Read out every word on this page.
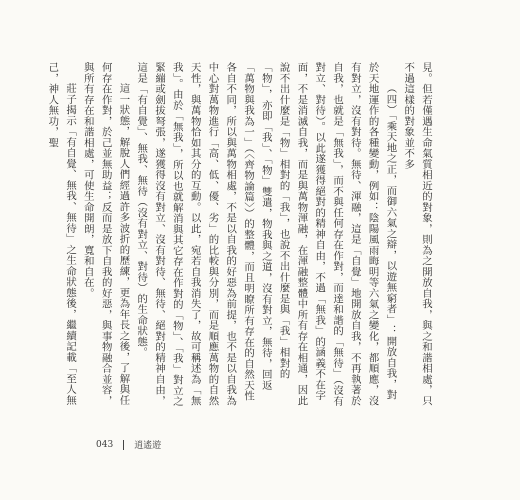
見。但若僅遇生命氣質相近的對象，則為之開放自我，與之和諧相處，只不過這樣的對象並不多

（四）「乘天地之正，而御六氣之辯，以遊無窮者」：開放自我，對於天地運作的各種變動，例如：陰陽風雨晦明等六氣之變化，都順應，沒有對立，沒有對待。無待、渾融，這是「自覺」地開放自我，不再執著於自我，也就是「無我」，而不與任何存在作對，而達和諧的「無待」（沒有對立、對待）。以此遂獲得絕對的精神自由，不過「無我」的涵義不在字面，不是消滅自我，而是與萬物渾融，在渾融整體中所有存在相通，因此說不出什麼是「物」相對的「我」，也說不出什麼是與「我」相對的「物」，亦即「我」、「物」雙遣，物我與之道，沒有對立，無待，回返「萬物與我為一」（〈齊物論篇〉）的整體，而且明瞭所有存在的自然天性各自不同，所以與萬物相處，不是以自我的好惡為前提，也不是以自我為中心對萬物進行「高、低、優、劣」的比較與分別，而是順應萬物的自然天性，與萬物恰如其分的互動。以此，宛若自我消失了，故可稱述為「無我」。由於「無我」，所以也就解消與其它存在作對的「物」、「我」對立之緊繃或劍拔弩張，遂獲得沒有對立、沒有對待、無待、絕對的精神自由，這是「有自覺」、無我、無待（沒有對立、對待）的生命狀態。

這一狀態，解脫人們經過許多波折的歷練，更為年長之後，了解與任何存在作對，於己並無助益；反而是放下自我的好惡，與事物融合並容，與所有存在和諧相處，可使生命開朗，寬和自在。

莊子揭示「有自覺、無我、無待」之生命狀態後，繼續記載「至人無己，神人無功，聖

043 逍遙遊
